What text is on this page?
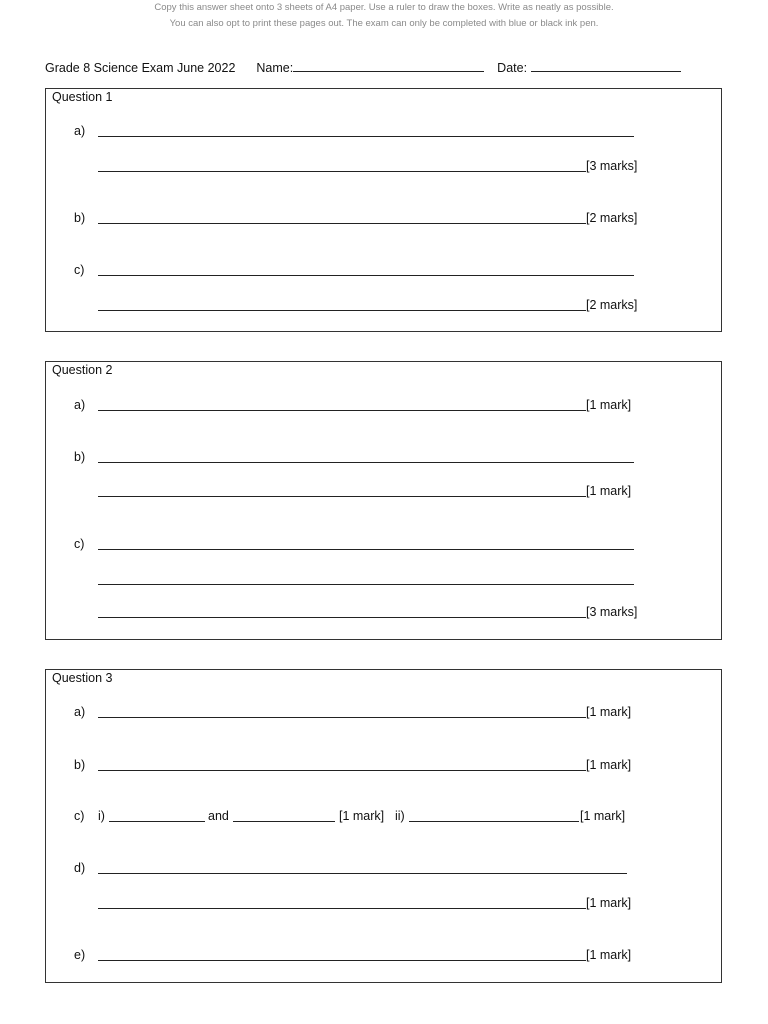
Copy this answer sheet onto 3 sheets of A4 paper. Use a ruler to draw the boxes. Write as neatly as possible.
You can also opt to print these pages out. The exam can only be completed with blue or black ink pen.
Grade 8 Science Exam June 2022 Name:	Date:
Question 1
a)
[3 marks]
b)	[2 marks]
c)
[2 marks]
Question 2
a)	[1 mark]
b)
[1 mark]
c)
[3 marks]
Question 3
a)	[1 mark]
b)	[1 mark]
c) i)	and	[1 mark] ii)	[1 mark]
d)
[1 mark]
e)	[1 mark]
